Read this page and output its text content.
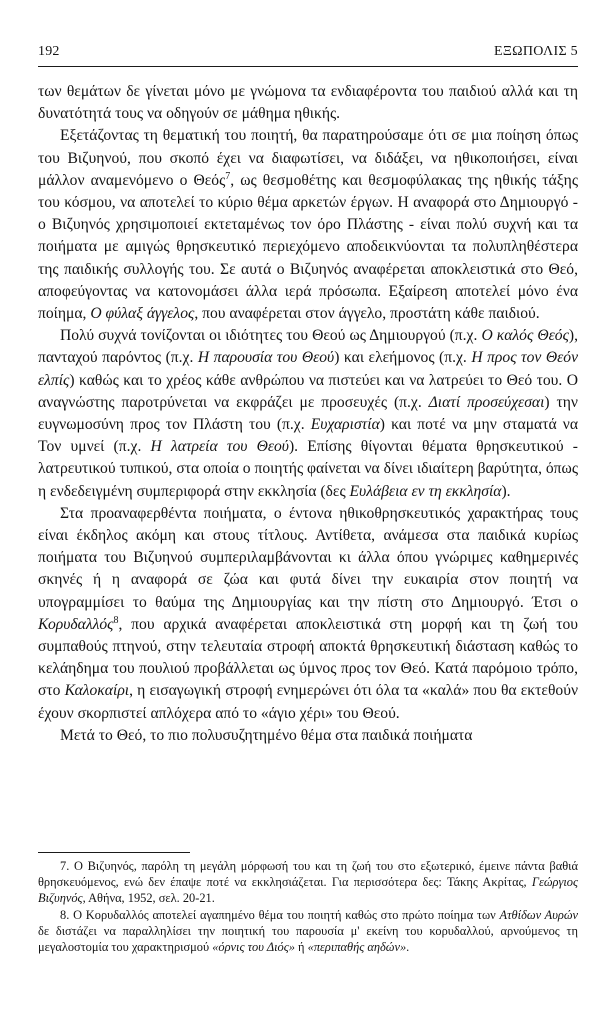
192	ΕΞΩΠΟΛΙΣ 5

των θεμάτων δε γίνεται μόνο με γνώμονα τα ενδιαφέροντα του παιδιού αλλά και τη δυνατότητά τους να οδηγούν σε μάθημα ηθικής.

Εξετάζοντας τη θεματική του ποιητή, θα παρατηρούσαμε ότι σε μια ποίηση όπως του Βιζυηνού, που σκοπό έχει να διαφωτίσει, να διδάξει, να ηθικοποιήσει, είναι μάλλον αναμενόμενο ο Θεός$^7$, ως θεσμοθέτης και θεσμοφύλακας της ηθικής τάξης του κόσμου, να αποτελεί το κύριο θέμα αρκετών έργων. Η αναφορά στο Δημιουργό - ο Βιζυηνός χρησιμοποιεί εκτεταμένως τον όρο Πλάστης - είναι πολύ συχνή και τα ποιήματα με αμιγώς θρησκευτικό περιεχόμενο αποδεικνύονται τα πολυπληθέστερα της παιδικής συλλογής του. Σε αυτά ο Βιζυηνός αναφέρεται αποκλειστικά στο Θεό, αποφεύγοντας να κατονομάσει άλλα ιερά πρόσωπα. Εξαίρεση αποτελεί μόνο ένα ποίημα, Ο φύλαξ άγγελος, που αναφέρεται στον άγγελο, προστάτη κάθε παιδιού.

Πολύ συχνά τονίζονται οι ιδιότητες του Θεού ως Δημιουργού (π.χ. Ο καλός Θεός), πανταχού παρόντος (π.χ. Η παρουσία του Θεού) και ελεήμονος (π.χ. Η προς τον Θεόν ελπίς) καθώς και το χρέος κάθε ανθρώπου να πιστεύει και να λατρεύει το Θεό του. Ο αναγνώστης παροτρύνεται να εκφράζει με προσευχές (π.χ. Διατί προσεύχεσαι) την ευγνωμοσύνη προς τον Πλάστη του (π.χ. Ευχαριστία) και ποτέ να μην σταματά να Τον υμνεί (π.χ. Η λατρεία του Θεού). Επίσης θίγονται θέματα θρησκευτικού - λατρευτικού τυπικού, στα οποία ο ποιητής φαίνεται να δίνει ιδιαίτερη βαρύτητα, όπως η ενδεδειγμένη συμπεριφορά στην εκκλησία (δες Ευλάβεια εν τη εκκλησία).

Στα προαναφερθέντα ποιήματα, ο έντονα ηθικοθρησκευτικός χαρακτήρας τους είναι έκδηλος ακόμη και στους τίτλους. Αντίθετα, ανάμεσα στα παιδικά κυρίως ποιήματα του Βιζυηνού συμπεριλαμβάνονται κι άλλα όπου γνώριμες καθημερινές σκηνές ή η αναφορά σε ζώα και φυτά δίνει την ευκαιρία στον ποιητή να υπογραμμίσει το θαύμα της Δημιουργίας και την πίστη στο Δημιουργό. Έτσι ο Κορυδαλλός$^8$, που αρχικά αναφέρεται αποκλειστικά στη μορφή και τη ζωή του συμπαθούς πτηνού, στην τελευταία στροφή αποκτά θρησκευτική διάσταση καθώς το κελάηδημα του πουλιού προβάλλεται ως ύμνος προς τον Θεό. Κατά παρόμοιο τρόπο, στο Καλοκαίρι, η εισαγωγική στροφή ενημερώνει ότι όλα τα «καλά» που θα εκτεθούν έχουν σκορπιστεί απλόχερα από το «άγιο χέρι» του Θεού.

Μετά το Θεό, το πιο πολυσυζητημένο θέμα στα παιδικά ποιήματα

7. Ο Βιζυηνός, παρόλη τη μεγάλη μόρφωσή του και τη ζωή του στο εξωτερικό, έμεινε πάντα βαθιά θρησκευόμενος, ενώ δεν έπαψε ποτέ να εκκλησιάζεται. Για περισσότερα δες: Τάκης Ακρίτας, Γεώργιος Βιζυηνός, Αθήνα, 1952, σελ. 20-21.

8. Ο Κορυδαλλός αποτελεί αγαπημένο θέμα του ποιητή καθώς στο πρώτο ποίημα των Ατθίδων Αυρών δε διστάζει να παραλληλίσει την ποιητική του παρουσία μ' εκείνη του κορυδαλλού, αρνούμενος τη μεγαλοστομία του χαρακτηρισμού «όρνις του Διός» ή «περιπαθής αηδών».
